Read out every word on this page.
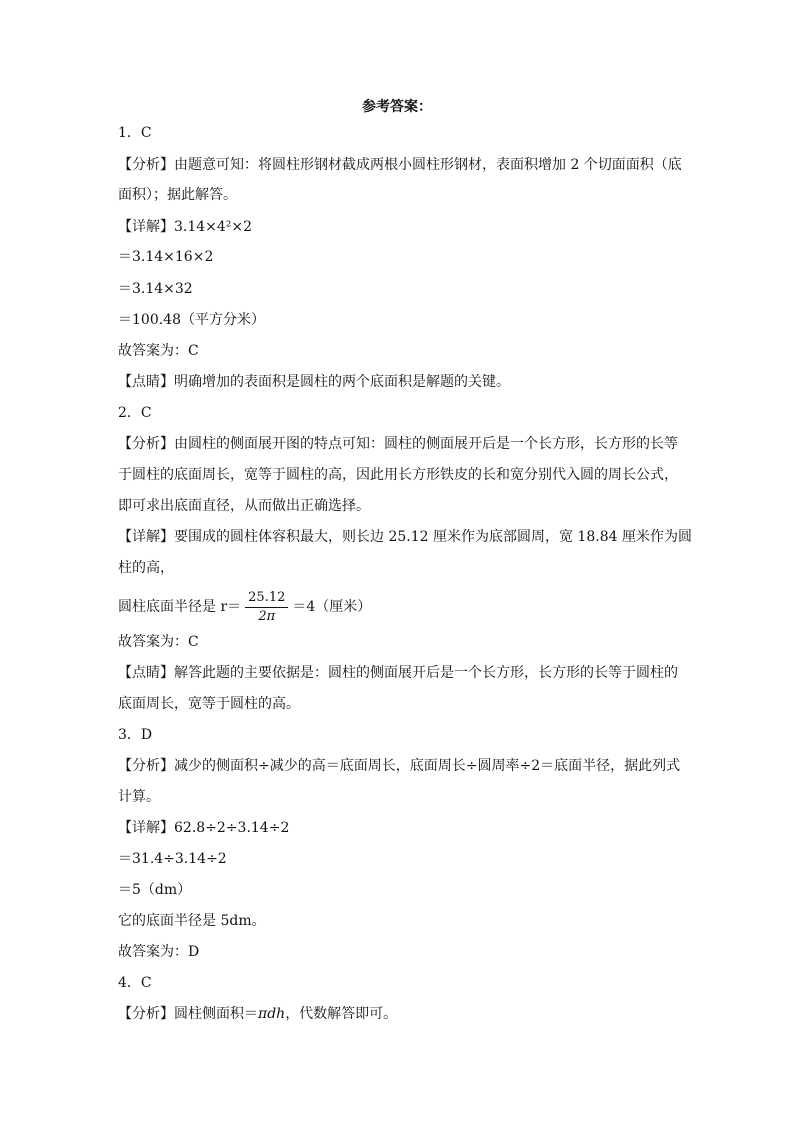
参考答案：
1．C
【分析】由题意可知：将圆柱形钢材截成两根小圆柱形钢材，表面积增加 2 个切面面积（底
面积）；据此解答。
【详解】3.14×4²×2
＝3.14×16×2
＝3.14×32
＝100.48（平方分米）
故答案为：C
【点睛】明确增加的表面积是圆柱的两个底面积是解题的关键。
2．C
【分析】由圆柱的侧面展开图的特点可知：圆柱的侧面展开后是一个长方形，长方形的长等
于圆柱的底面周长，宽等于圆柱的高，因此用长方形铁皮的长和宽分别代入圆的周长公式，
即可求出底面直径，从而做出正确选择。
【详解】要围成的圆柱体容积最大，则长边 25.12 厘米作为底部圆周，宽 18.84 厘米作为圆
柱的高，
圆柱底面半径是 $r= \frac{25.12}{2\pi} =4$（厘米）
故答案为：C
【点睛】解答此题的主要依据是：圆柱的侧面展开后是一个长方形，长方形的长等于圆柱的
底面周长，宽等于圆柱的高。
3．D
【分析】减少的侧面积÷减少的高＝底面周长，底面周长÷圆周率÷2＝底面半径，据此列式
计算。
【详解】62.8÷2÷3.14÷2
＝31.4÷3.14÷2
＝5（dm）
它的底面半径是 5dm。
故答案为：D
4．C
【分析】圆柱侧面积＝πdh，代数解答即可。
